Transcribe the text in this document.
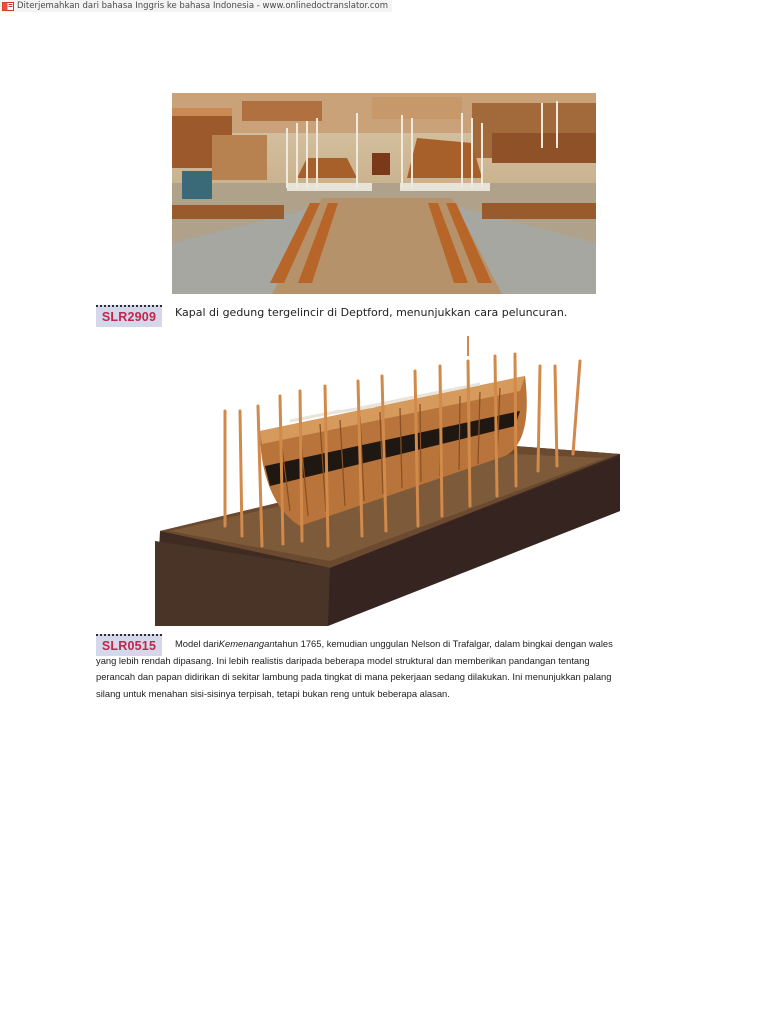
Diterjemahkan dari bahasa Inggris ke bahasa Indonesia - www.onlinedoctranslator.com
SLR2909 Kapal di gedung tergelincir di Deptford, menunjukkan cara peluncuran.
SLR0515	Model dariKemenangantahun 1765, kemudian unggulan Nelson di Trafalgar, dalam bingkai dengan wales yang lebih rendah dipasang. Ini lebih realistis daripada beberapa model struktural dan memberikan pandangan tentang perancah dan papan didirikan di sekitar lambung pada tingkat di mana pekerjaan sedang dilakukan. Ini menunjukkan palang silang untuk menahan sisi-sisinya terpisah, tetapi bukan reng untuk beberapa alasan.
